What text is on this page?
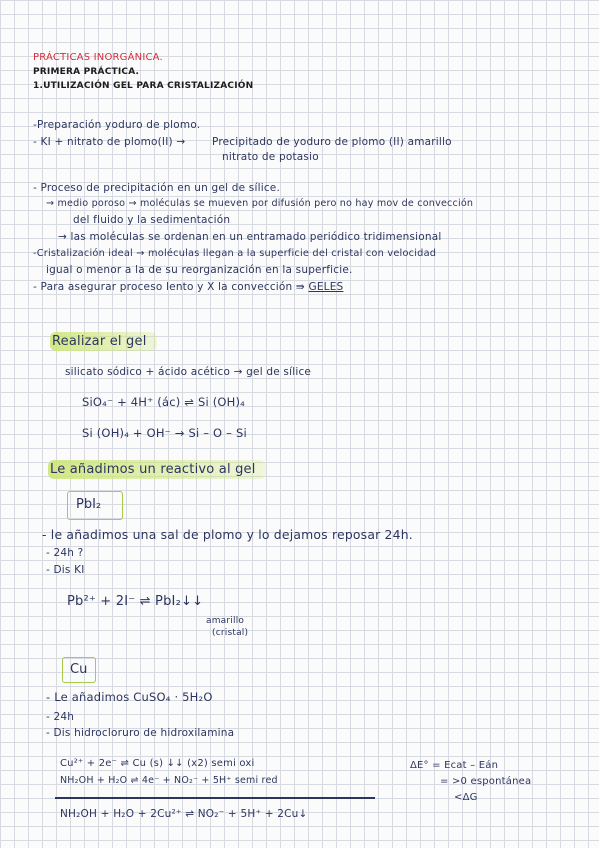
PRÁCTICAS INORGÁNICA.
PRIMERA PRÁCTICA.
1.UTILIZACIÓN GEL PARA CRISTALIZACIÓN
-Preparación yoduro de plomo.
- KI + nitrato de plomo(II) →	Precipitado de yoduro de plomo (II) amarillo
nitrato de potasio
- Proceso de precipitación en un gel de sílice.
→ medio poroso → moléculas se mueven por difusión pero no hay mov de convección
del fluido y la sedimentación
→ las moléculas se ordenan en un entramado periódico tridimensional
-Cristalización ideal → moléculas llegan a la superficie del cristal con velocidad
igual o menor a la de su reorganización en la superficie.
- Para asegurar proceso lento y X la convección ⇛ GELES
Realizar el gel
silicato sódico + ácido acético → gel de sílice
SiO₄⁻ + 4H⁺ (ác) ⇌ Si (OH)₄
Si (OH)₄ + OH⁻ → Si – O – Si
Le añadimos un reactivo al gel
PbI₂
- le añadimos una sal de plomo y lo dejamos reposar 24h.
- 24h ?
- Dis KI
Pb²⁺ + 2I⁻ ⇌ PbI₂↓↓
amarillo
(cristal)
Cu
- Le añadimos CuSO₄ · 5H₂O
- 24h
- Dis hidrocloruro de hidroxilamina
Cu²⁺ + 2e⁻ ⇌ Cu (s) ↓↓ (x2) semi oxi
NH₂OH + H₂O ⇌ 4e⁻ + NO₂⁻ + 5H⁺ semi red
NH₂OH + H₂O + 2Cu²⁺ ⇌ NO₂⁻ + 5H⁺ + 2Cu↓
ΔE° = Ecat – Eán
= >0 espontánea
<ΔG
